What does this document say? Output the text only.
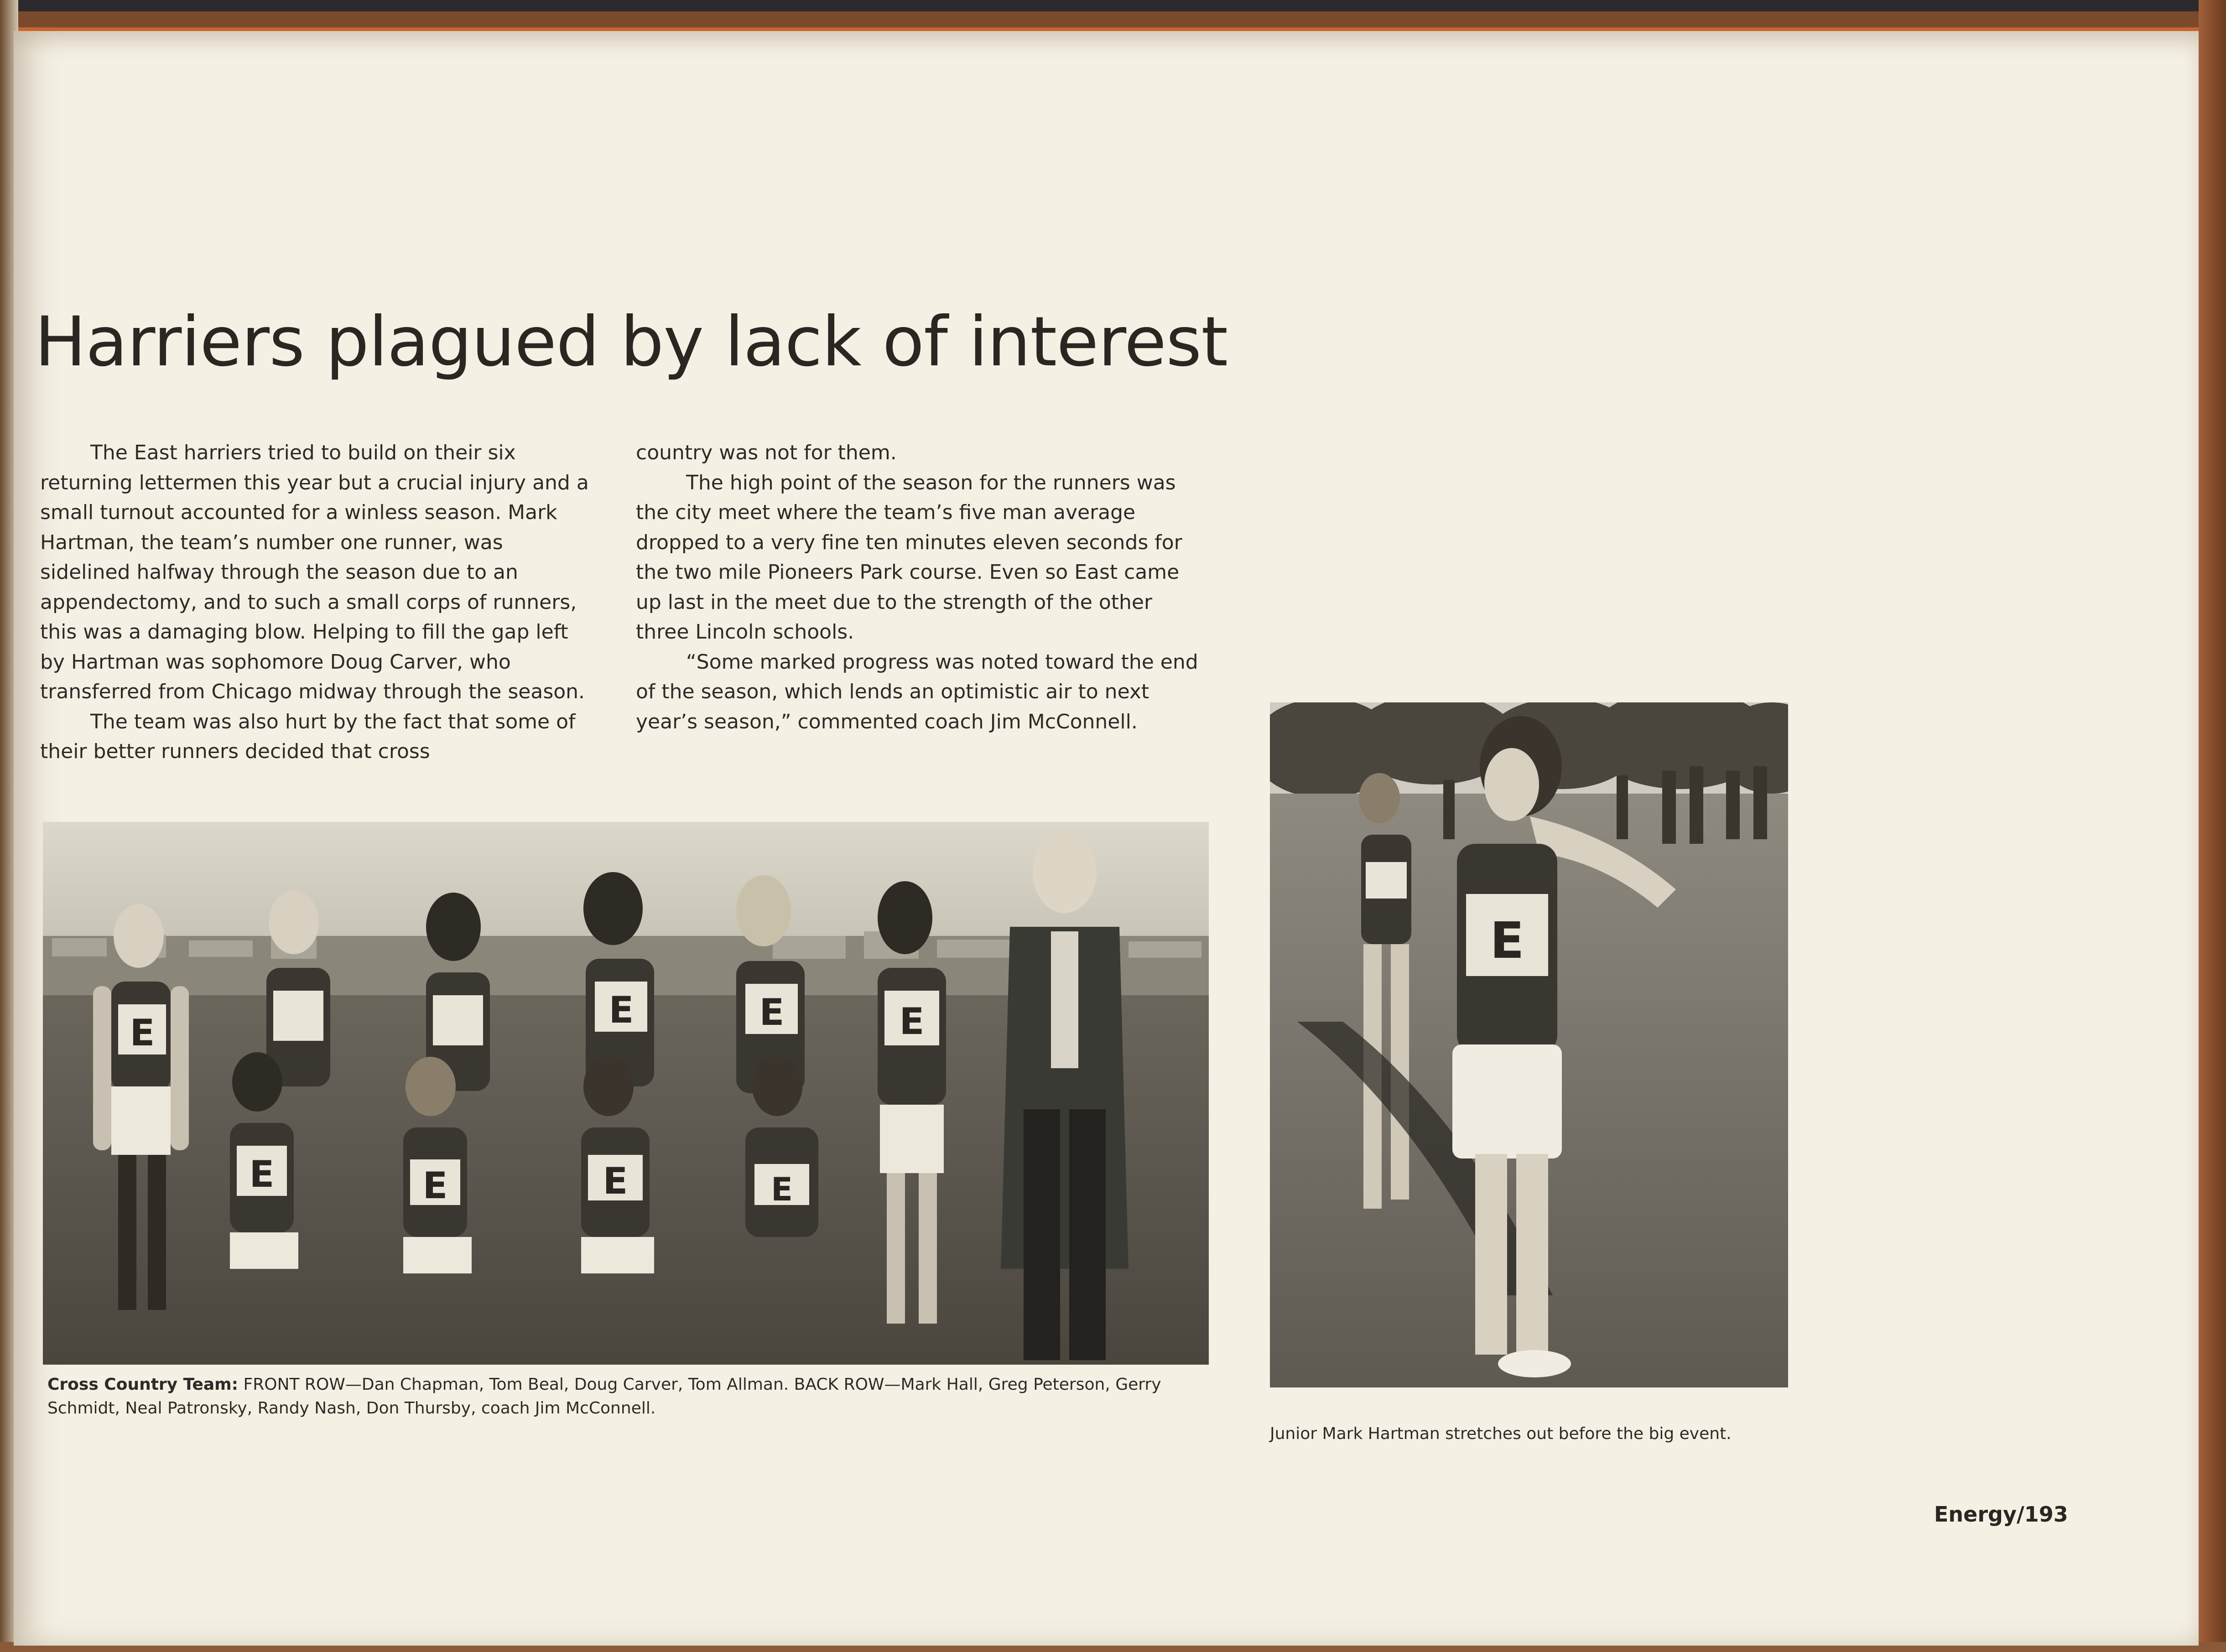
Harriers plagued by lack of interest

The East harriers tried to build on their six returning lettermen this year but a crucial injury and a small turnout accounted for a winless season. Mark Hartman, the team’s number one runner, was sidelined halfway through the season due to an appendectomy, and to such a small corps of runners, this was a damaging blow. Helping to fill the gap left by Hartman was sophomore Doug Carver, who transferred from Chicago midway through the season.

The team was also hurt by the fact that some of their better runners decided that cross

country was not for them.

The high point of the season for the runners was the city meet where the team’s five man average dropped to a very fine ten minutes eleven seconds for the two mile Pioneers Park course. Even so East came up last in the meet due to the strength of the other three Lincoln schools.

“Some marked progress was noted toward the end of the season, which lends an optimistic air to next year’s season,” commented coach Jim McConnell.

E
E	E	E
E	E	E	E

Cross Country Team: FRONT ROW—Dan Chapman, Tom Beal, Doug Carver, Tom Allman. BACK ROW—Mark Hall, Greg Peterson, Gerry Schmidt, Neal Patronsky, Randy Nash, Don Thursby, coach Jim McConnell.

E
Junior Mark Hartman stretches out before the big event.
Energy/193
